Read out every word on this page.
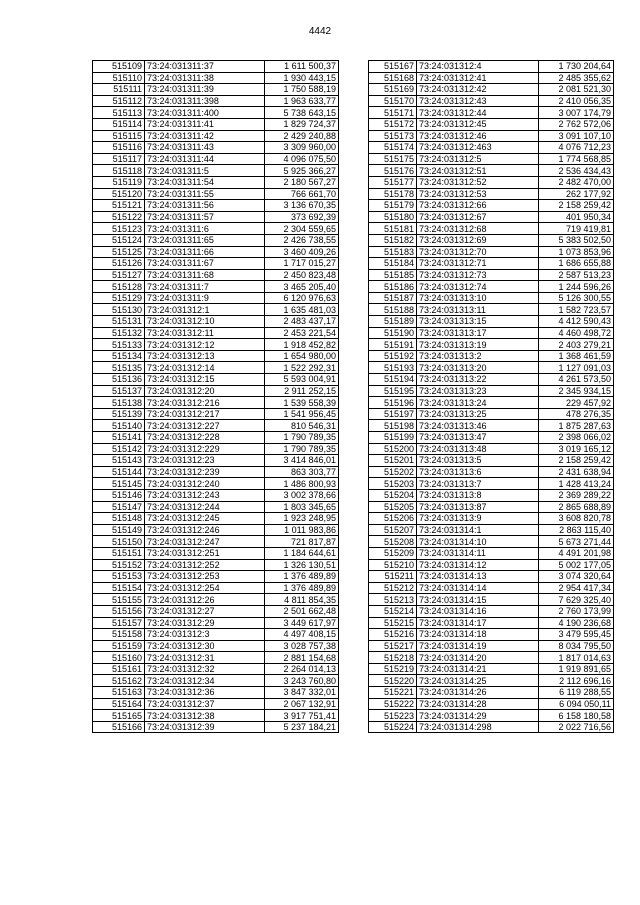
4442
515109	73:24:031311:37	1 611 500,37
515110	73:24:031311:38	1 930 443,15
515111	73:24:031311:39	1 750 588,19
515112	73:24:031311:398	1 963 633,77
515113	73:24:031311:400	5 738 643,15
515114	73:24:031311:41	1 829 724,37
515115	73:24:031311:42	2 429 240,88
515116	73:24:031311:43	3 309 960,00
515117	73:24:031311:44	4 096 075,50
515118	73:24:031311:5	5 925 366,27
515119	73:24:031311:54	2 180 567,27
515120	73:24:031311:55	766 661,70
515121	73:24:031311:56	3 136 670,35
515122	73:24:031311:57	373 692,39
515123	73:24:031311:6	2 304 559,65
515124	73:24:031311:65	2 426 738,55
515125	73:24:031311:66	3 460 409,26
515126	73:24:031311:67	1 717 015,27
515127	73:24:031311:68	2 450 823,48
515128	73:24:031311:7	3 465 205,40
515129	73:24:031311:9	6 120 976,63
515130	73:24:031312:1	1 635 481,03
515131	73:24:031312:10	2 483 437,17
515132	73:24:031312:11	2 453 221,54
515133	73:24:031312:12	1 918 452,82
515134	73:24:031312:13	1 654 980,00
515135	73:24:031312:14	1 522 292,31
515136	73:24:031312:15	5 593 004,91
515137	73:24:031312:20	2 911 252,15
515138	73:24:031312:216	1 539 558,39
515139	73:24:031312:217	1 541 956,45
515140	73:24:031312:227	810 546,31
515141	73:24:031312:228	1 790 789,35
515142	73:24:031312:229	1 790 789,35
515143	73:24:031312:23	3 414 846,01
515144	73:24:031312:239	863 303,77
515145	73:24:031312:240	1 486 800,93
515146	73:24:031312:243	3 002 378,66
515147	73:24:031312:244	1 803 345,65
515148	73:24:031312:245	1 923 248,95
515149	73:24:031312:246	1 011 983,86
515150	73:24:031312:247	721 817,87
515151	73:24:031312:251	1 184 644,61
515152	73:24:031312:252	1 326 130,51
515153	73:24:031312:253	1 376 489,89
515154	73:24:031312:254	1 376 489,89
515155	73:24:031312:26	4 811 854,35
515156	73:24:031312:27	2 501 662,48
515157	73:24:031312:29	3 449 617,97
515158	73:24:031312:3	4 497 408,15
515159	73:24:031312:30	3 028 757,38
515160	73:24:031312:31	2 881 154,68
515161	73:24:031312:32	2 264 014,13
515162	73:24:031312:34	3 243 760,80
515163	73:24:031312:36	3 847 332,01
515164	73:24:031312:37	2 067 132,91
515165	73:24:031312:38	3 917 751,41
515166	73:24:031312:39	5 237 184,21
515167	73:24:031312:4	1 730 204,64
515168	73:24:031312:41	2 485 355,62
515169	73:24:031312:42	2 081 521,30
515170	73:24:031312:43	2 410 056,35
515171	73:24:031312:44	3 007 174,79
515172	73:24:031312:45	2 762 572,06
515173	73:24:031312:46	3 091 107,10
515174	73:24:031312:463	4 076 712,23
515175	73:24:031312:5	1 774 568,85
515176	73:24:031312:51	2 536 434,43
515177	73:24:031312:52	2 482 470,00
515178	73:24:031312:53	262 177,92
515179	73:24:031312:66	2 158 259,42
515180	73:24:031312:67	401 950,34
515181	73:24:031312:68	719 419,81
515182	73:24:031312:69	5 383 502,50
515183	73:24:031312:70	1 073 853,96
515184	73:24:031312:71	1 686 655,88
515185	73:24:031312:73	2 587 513,23
515186	73:24:031312:74	1 244 596,26
515187	73:24:031313:10	5 126 300,55
515188	73:24:031313:11	1 582 723,57
515189	73:24:031313:15	4 412 590,43
515190	73:24:031313:17	4 460 498,72
515191	73:24:031313:19	2 403 279,21
515192	73:24:031313:2	1 368 461,59
515193	73:24:031313:20	1 127 091,03
515194	73:24:031313:22	4 261 573,50
515195	73:24:031313:23	2 345 934,15
515196	73:24:031313:24	229 457,92
515197	73:24:031313:25	478 276,35
515198	73:24:031313:46	1 875 287,63
515199	73:24:031313:47	2 398 066,02
515200	73:24:031313:48	3 019 165,12
515201	73:24:031313:5	2 158 259,42
515202	73:24:031313:6	2 431 638,94
515203	73:24:031313:7	1 428 413,24
515204	73:24:031313:8	2 369 289,22
515205	73:24:031313:87	2 865 688,89
515206	73:24:031313:9	3 608 820,78
515207	73:24:031314:1	2 863 115,40
515208	73:24:031314:10	5 673 271,44
515209	73:24:031314:11	4 491 201,98
515210	73:24:031314:12	5 002 177,05
515211	73:24:031314:13	3 074 320,64
515212	73:24:031314:14	2 954 417,34
515213	73:24:031314:15	7 629 325,40
515214	73:24:031314:16	2 760 173,99
515215	73:24:031314:17	4 190 236,68
515216	73:24:031314:18	3 479 595,45
515217	73:24:031314:19	8 034 795,50
515218	73:24:031314:20	1 817 014,63
515219	73:24:031314:21	1 919 891,65
515220	73:24:031314:25	2 112 696,16
515221	73:24:031314:26	6 119 288,55
515222	73:24:031314:28	6 094 050,11
515223	73:24:031314:29	6 158 180,58
515224	73:24:031314:298	2 022 716,56
